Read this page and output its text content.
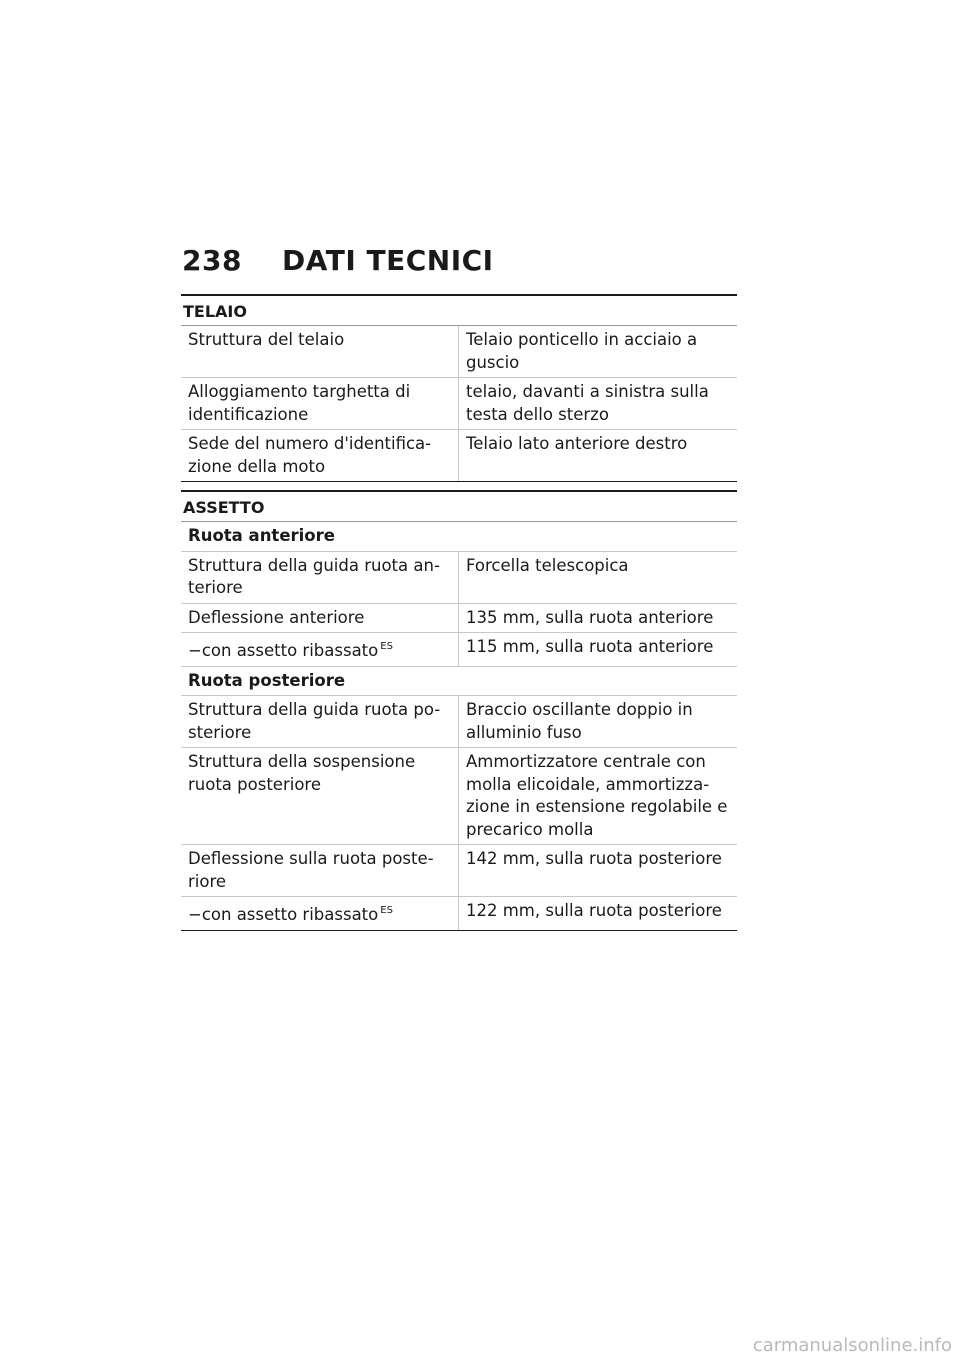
238 DATI TECNICI
TELAIO
Struttura del telaio	Telaio ponticello in acciaio a guscio
Alloggiamento targhetta di identificazione	telaio, davanti a sinistra sulla testa dello sterzo
Sede del numero d'identifica-zione della moto	Telaio lato anteriore destro
ASSETTO
Ruota anteriore	
Struttura della guida ruota an-teriore	Forcella telescopica
Deflessione anteriore	135 mm, sulla ruota anteriore
−con assetto ribassato $^{ES}$	115 mm, sulla ruota anteriore
Ruota posteriore	
Struttura della guida ruota po-steriore	Braccio oscillante doppio in alluminio fuso
Struttura della sospensione ruota posteriore	Ammortizzatore centrale con molla elicoidale, ammortizza-zione in estensione regolabile e precarico molla
Deflessione sulla ruota poste-riore	142 mm, sulla ruota posteriore
−con assetto ribassato $^{ES}$	122 mm, sulla ruota posteriore
carmanualsonline.info
